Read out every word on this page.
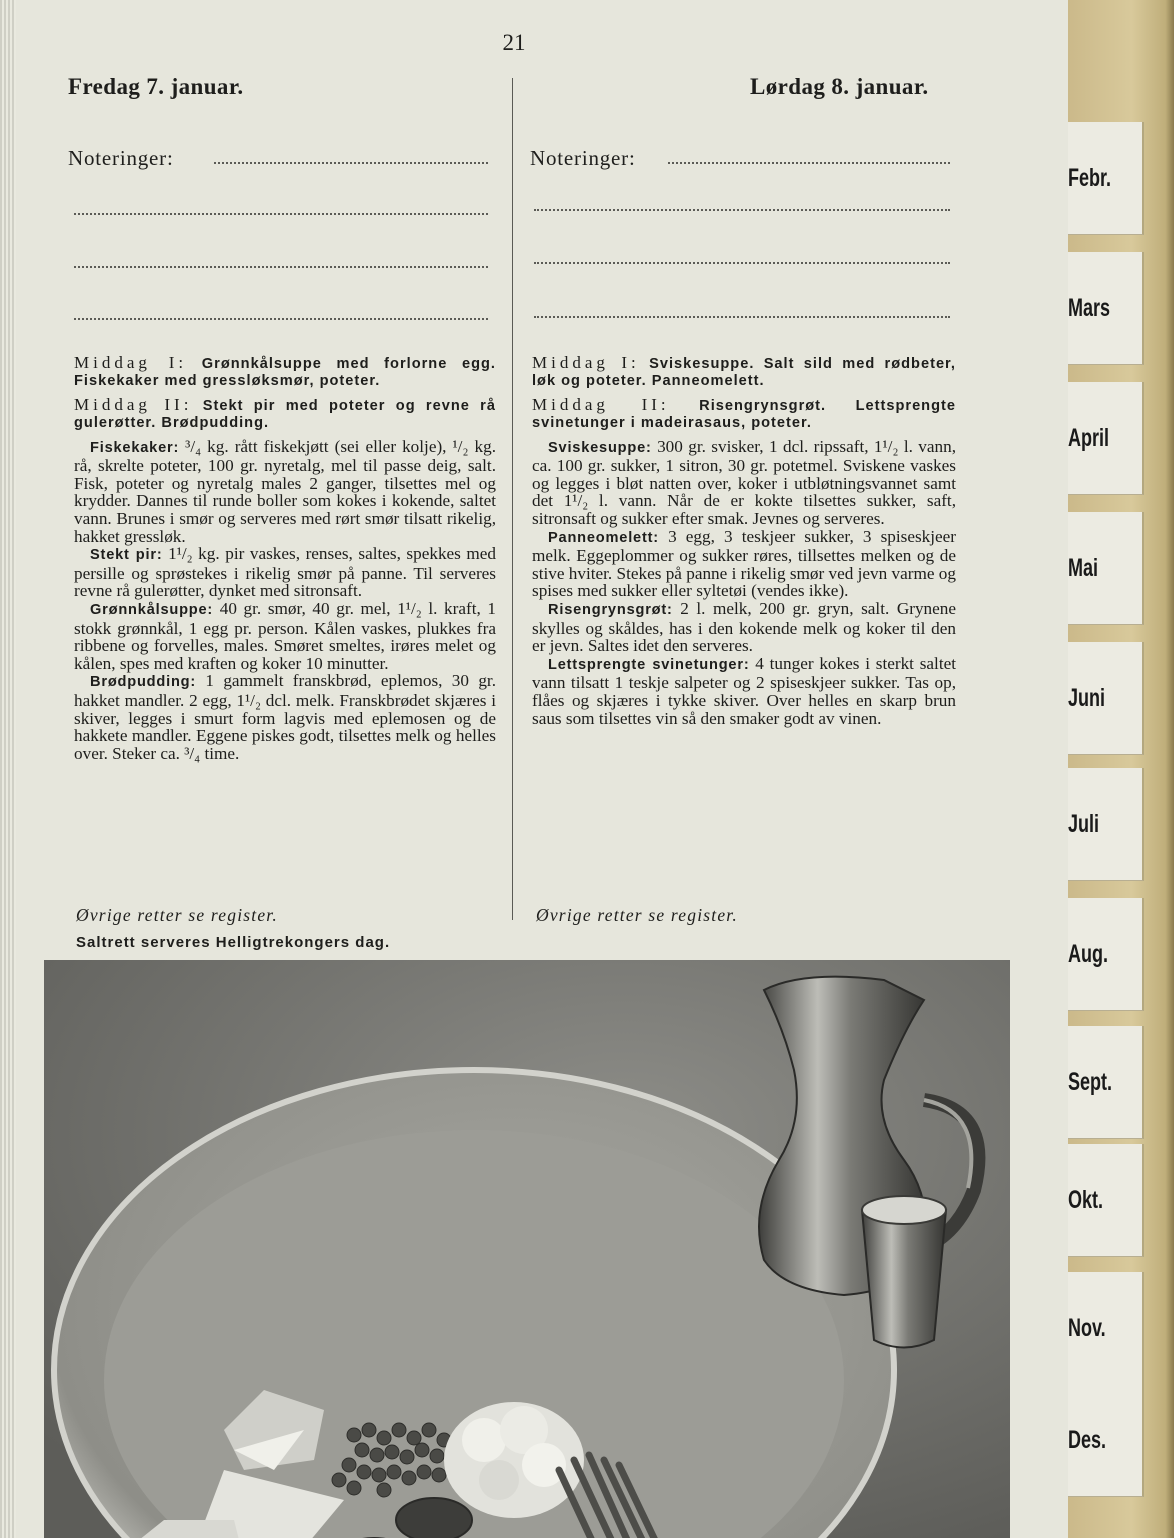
21
Fredag 7. januar.	Lørdag 8. januar.
Noteringer:	Noteringer:

Middag I: Grønnkålsuppe med forlorne egg. Fiskekaker med gressløksmør, poteter.

Middag II: Stekt pir med poteter og revne rå gulerøtter. Brødpudding.

Fiskekaker: ³/₄ kg. rått fiskekjøtt (sei eller kolje), ¹/₂ kg. rå, skrelte poteter, 100 gr. nyretalg, mel til passe deig, salt. Fisk, poteter og nyretalg males 2 ganger, tilsettes mel og krydder. Dannes til runde boller som kokes i kokende, saltet vann. Brunes i smør og serveres med rørt smør tilsatt rikelig, hakket gressløk.

Stekt pir: 1¹/₂ kg. pir vaskes, renses, saltes, spekkes med persille og sprøstekes i rikelig smør på panne. Til serveres revne rå gulerøtter, dynket med sitronsaft.

Grønnkålsuppe: 40 gr. smør, 40 gr. mel, 1¹/₂ l. kraft, 1 stokk grønnkål, 1 egg pr. person. Kålen vaskes, plukkes fra ribbene og forvelles, males. Smøret smeltes, irøres melet og kålen, spes med kraften og koker 10 minutter.

Brødpudding: 1 gammelt franskbrød, eplemos, 30 gr. hakket mandler. 2 egg, 1¹/₂ dcl. melk. Franskbrødet skjæres i skiver, legges i smurt form lagvis med eplemosen og de hakkete mandler. Eggene piskes godt, tilsettes melk og helles over. Steker ca. ³/₄ time.

Middag I: Sviskesuppe. Salt sild med rødbeter, løk og poteter. Panneomelett.

Middag II: Risengrynsgrøt. Lettsprengte svinetunger i madeirasaus, poteter.

Sviskesuppe: 300 gr. svisker, 1 dcl. ripssaft, 1¹/₂ l. vann, ca. 100 gr. sukker, 1 sitron, 30 gr. potetmel. Sviskene vaskes og legges i bløt natten over, koker i utbløtningsvannet samt det 1¹/₂ l. vann. Når de er kokte tilsettes sukker, saft, sitronsaft og sukker efter smak. Jevnes og serveres.

Panneomelett: 3 egg, 3 teskjeer sukker, 3 spiseskjeer melk. Eggeplommer og sukker røres, tillsettes melken og de stive hviter. Stekes på panne i rikelig smør ved jevn varme og spises med sukker eller syltetøi (vendes ikke).

Risengrynsgrøt: 2 l. melk, 200 gr. gryn, salt. Grynene skylles og skåldes, has i den kokende melk og koker til den er jevn. Saltes idet den serveres.

Lettsprengte svinetunger: 4 tunger kokes i sterkt saltet vann tilsatt 1 teskje salpeter og 2 spiseskjeer sukker. Tas op, flåes og skjæres i tykke skiver. Over helles en skarp brun saus som tilsettes vin så den smaker godt av vinen.

Øvrige retter se register.	Øvrige retter se register.
Saltrett serveres Helligtrekongers dag.
Febr.
Mars
April
Mai
Juni
Juli
Aug.
Sept.
Okt.
Nov.
Des.
